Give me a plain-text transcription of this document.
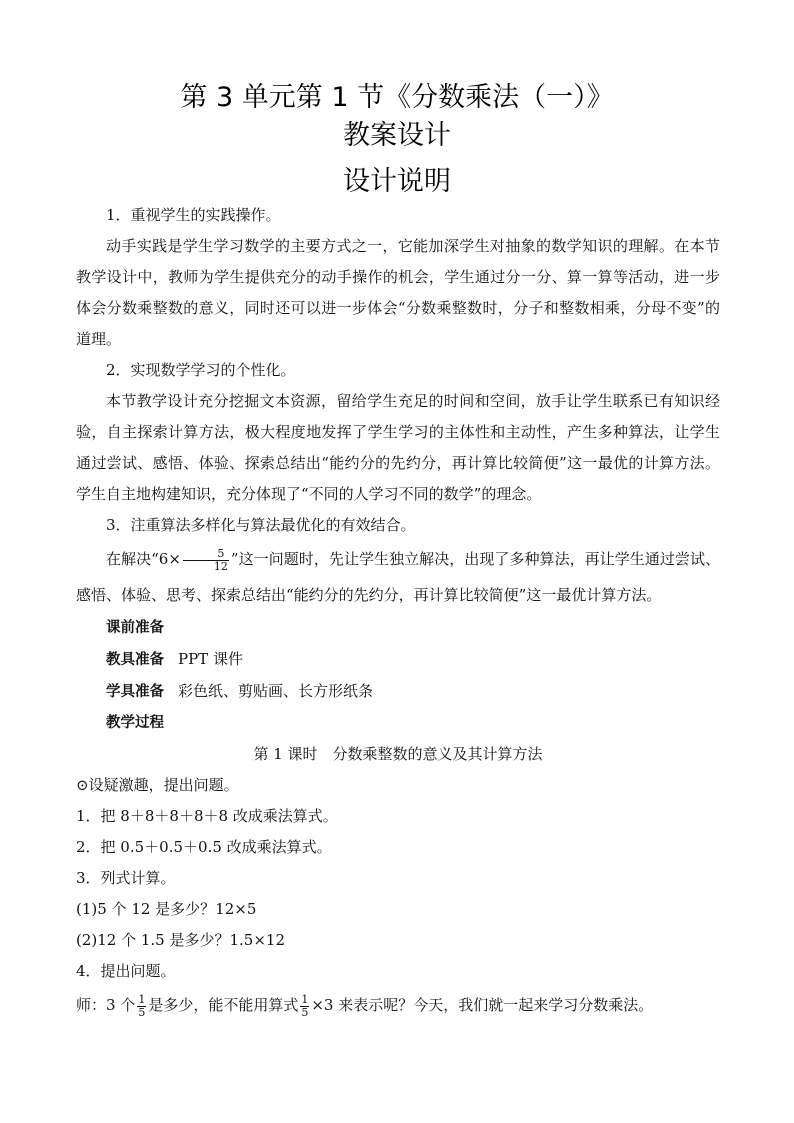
第 3 单元第 1 节《分数乘法（一）》
教案设计
设计说明

1．重视学生的实践操作。

动手实践是学生学习数学的主要方式之一，它能加深学生对抽象的数学知识的理解。在本节教学设计中，教师为学生提供充分的动手操作的机会，学生通过分一分、算一算等活动，进一步体会分数乘整数的意义，同时还可以进一步体会“分数乘整数时，分子和整数相乘，分母不变”的道理。

2．实现数学学习的个性化。

本节教学设计充分挖掘文本资源，留给学生充足的时间和空间，放手让学生联系已有知识经验，自主探索计算方法，极大程度地发挥了学生学习的主体性和主动性，产生多种算法，让学生通过尝试、感悟、体验、探索总结出“能约分的先约分，再计算比较简便”这一最优的计算方法。学生自主地构建知识，充分体现了“不同的人学习不同的数学”的理念。

3．注重算法多样化与算法最优化的有效结合。

在解决“$6\times \frac{5}{12}$ ”这一问题时，先让学生独立解决，出现了多种算法，再让学生通过尝试、感悟、体验、思考、探索总结出“能约分的先约分，再计算比较简便”这一最优计算方法。

课前准备

教具准备 PPT 课件

学具准备 彩色纸、剪贴画、长方形纸条

教学过程

第 1 课时　分数乘整数的意义及其计算方法

⊙设疑激趣，提出问题。

1．把 8＋8＋8＋8＋8 改成乘法算式。

2．把 0.5＋0.5＋0.5 改成乘法算式。

3．列式计算。

(1)5 个 12 是多少？12×5

(2)12 个 1.5 是多少？1.5×12

4．提出问题。

师：3 个 $\frac{1}{5}$ 是多少，能不能用算式 $\frac{1}{5} \times 3$ 来表示呢？今天，我们就一起来学习分数乘法。
